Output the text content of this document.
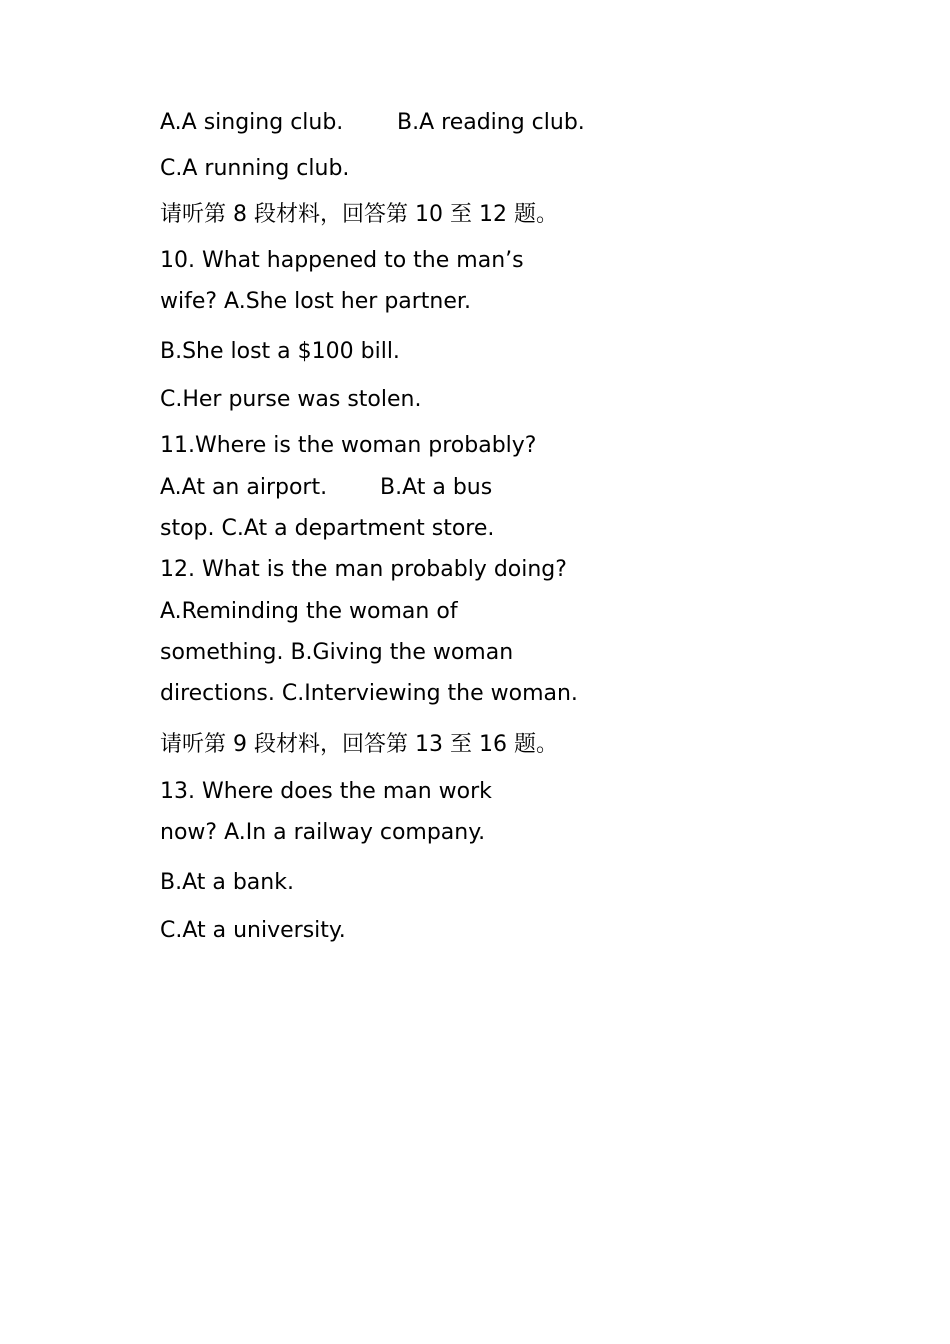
A.A singing club. B.A reading club.
C.A running club.
请听第 8 段材料，回答第 10 至 12 题。
10. What happened to the man’s
wife? A.She lost her partner.
B.She lost a $100 bill.
C.Her purse was stolen.
11.Where is the woman probably?
A.At an airport. B.At a bus
stop. C.At a department store.
12. What is the man probably doing?
A.Reminding the woman of
something. B.Giving the woman
directions. C.Interviewing the woman.
请听第 9 段材料，回答第 13 至 16 题。
13. Where does the man work
now? A.In a railway company.
B.At a bank.
C.At a university.
